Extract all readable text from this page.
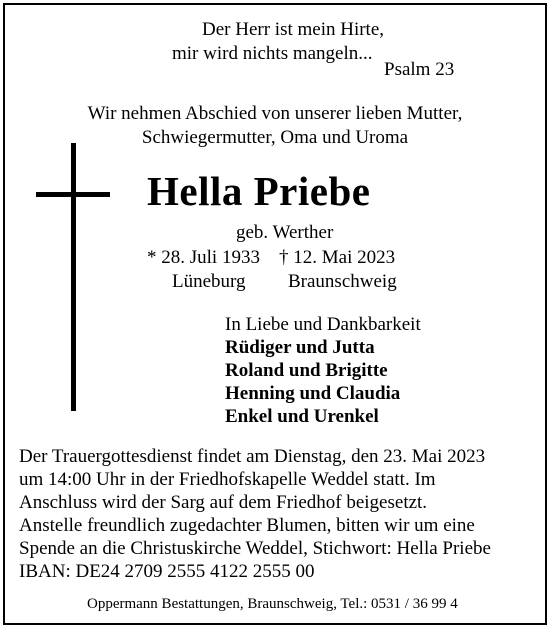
Der Herr ist mein Hirte,
mir wird nichts mangeln...
Psalm 23
Wir nehmen Abschied von unserer lieben Mutter,
Schwiegermutter, Oma und Uroma
Hella Priebe
geb. Werther
* 28. Juli 1933 † 12. Mai 2023
Lüneburg Braunschweig
In Liebe und Dankbarkeit
Rüdiger und Jutta
Roland und Brigitte
Henning und Claudia
Enkel und Urenkel
Der Trauergottesdienst findet am Dienstag, den 23. Mai 2023
um 14:00 Uhr in der Friedhofskapelle Weddel statt. Im
Anschluss wird der Sarg auf dem Friedhof beigesetzt.
Anstelle freundlich zugedachter Blumen, bitten wir um eine
Spende an die Christuskirche Weddel, Stichwort: Hella Priebe
IBAN: DE24 2709 2555 4122 2555 00
Oppermann Bestattungen, Braunschweig, Tel.: 0531 / 36 99 4
